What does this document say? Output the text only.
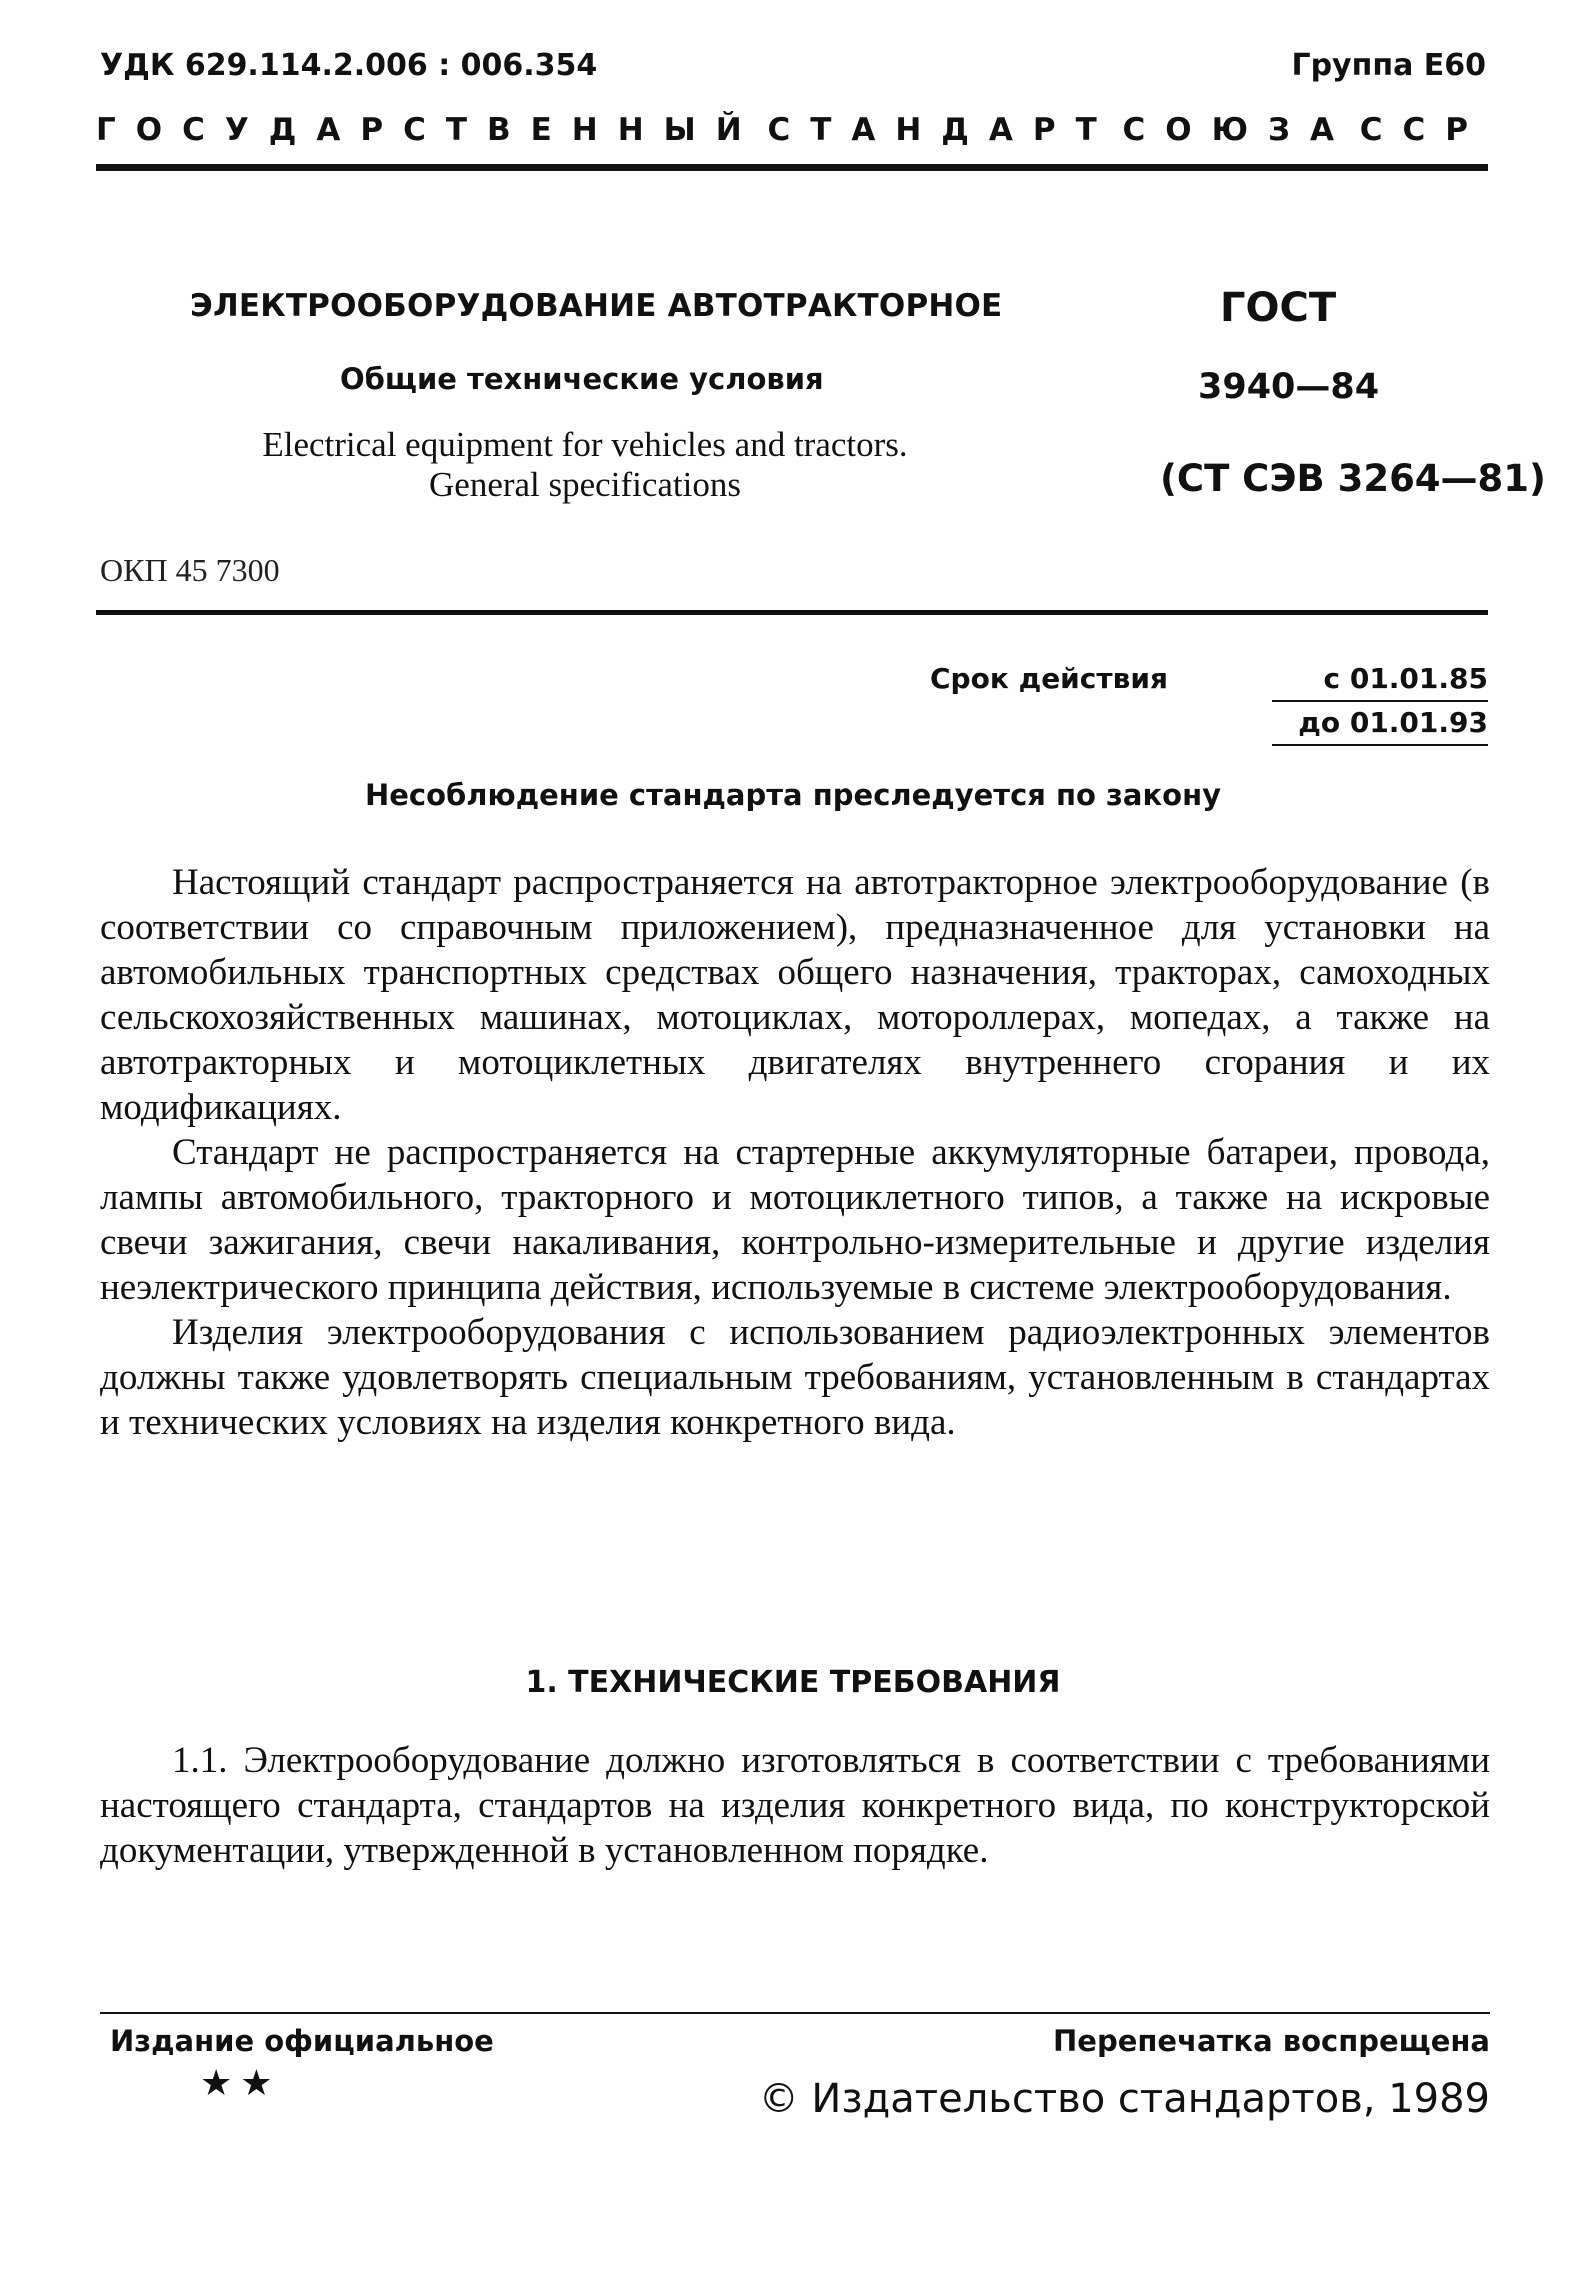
УДК 629.114.2.006 : 006.354	Группа Е60
ГОСУДАРСТВЕННЫЙ СТАНДАРТ СОЮЗА ССР
ЭЛЕКТРООБОРУДОВАНИЕ АВТОТРАКТОРНОЕ
Общие технические условия
Electrical equipment for vehicles and tractors.
General specifications
ГОСТ
3940—84
(СТ СЭВ 3264—81)
ОКП 45 7300
Срок действия	с 01.01.85
до 01.01.93
Несоблюдение стандарта преследуется по закону

Настоящий стандарт распространяется на автотракторное электрооборудование (в соответствии со справочным приложением), предназначенное для установки на автомобильных транспортных средствах общего назначения, тракторах, самоходных сельскохозяйственных машинах, мотоциклах, мотороллерах, мопедах, а также на автотракторных и мотоциклетных двигателях внутреннего сгорания и их модификациях.

Стандарт не распространяется на стартерные аккумуляторные батареи, провода, лампы автомобильного, тракторного и мотоциклетного типов, а также на искровые свечи зажигания, свечи накаливания, контрольно-измерительные и другие изделия неэлектрического принципа действия, используемые в системе электрооборудования.

Изделия электрооборудования с использованием радиоэлектронных элементов должны также удовлетворять специальным требованиям, установленным в стандартах и технических условиях на изделия конкретного вида.

1. ТЕХНИЧЕСКИЕ ТРЕБОВАНИЯ

1.1. Электрооборудование должно изготовляться в соответствии с требованиями настоящего стандарта, стандартов на изделия конкретного вида, по конструкторской документации, утвержденной в установленном порядке.

Издание официальное	Перепечатка воспрещена
★★	© Издательство стандартов, 1989
